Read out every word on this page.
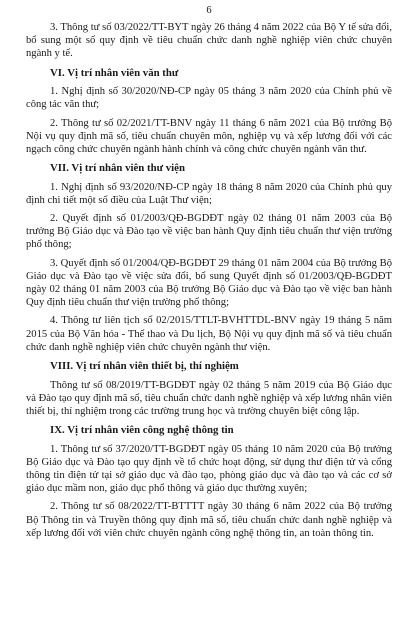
6

3. Thông tư số 03/2022/TT-BYT ngày 26 tháng 4 năm 2022 của Bộ Y tế sửa đổi, bổ sung một số quy định về tiêu chuẩn chức danh nghề nghiệp viên chức chuyên ngành y tế.

VI. Vị trí nhân viên văn thư

1. Nghị định số 30/2020/NĐ-CP ngày 05 tháng 3 năm 2020 của Chính phủ về công tác văn thư;

2. Thông tư số 02/2021/TT-BNV ngày 11 tháng 6 năm 2021 của Bộ trưởng Bộ Nội vụ quy định mã số, tiêu chuẩn chuyên môn, nghiệp vụ và xếp lương đối với các ngạch công chức chuyên ngành hành chính và công chức chuyên ngành văn thư.

VII. Vị trí nhân viên thư viện

1. Nghị định số 93/2020/NĐ-CP ngày 18 tháng 8 năm 2020 của Chính phủ quy định chi tiết một số điều của Luật Thư viện;

2. Quyết định số 01/2003/QĐ-BGDĐT ngày 02 tháng 01 năm 2003 của Bộ trưởng Bộ Giáo dục và Đào tạo về việc ban hành Quy định tiêu chuẩn thư viện trường phổ thông;

3. Quyết định số 01/2004/QĐ-BGDĐT 29 tháng 01 năm 2004 của Bộ trưởng Bộ Giáo dục và Đào tạo về việc sửa đổi, bổ sung Quyết định số 01/2003/QĐ-BGDĐT ngày 02 tháng 01 năm 2003 của Bộ trưởng Bộ Giáo dục và Đào tạo về việc ban hành Quy định tiêu chuẩn thư viện trường phổ thông;

4. Thông tư liên tịch số 02/2015/TTLT-BVHTTDL-BNV ngày 19 tháng 5 năm 2015 của Bộ Văn hóa - Thể thao và Du lịch, Bộ Nội vụ quy định mã số và tiêu chuẩn chức danh nghề nghiệp viên chức chuyên ngành thư viện.

VIII. Vị trí nhân viên thiết bị, thí nghiệm

Thông tư số 08/2019/TT-BGDĐT ngày 02 tháng 5 năm 2019 của Bộ Giáo dục và Đào tạo quy định mã số, tiêu chuẩn chức danh nghề nghiệp và xếp lương nhân viên thiết bị, thí nghiệm trong các trường trung học và trường chuyên biệt công lập.

IX. Vị trí nhân viên công nghệ thông tin

1. Thông tư số 37/2020/TT-BGDĐT ngày 05 tháng 10 năm 2020 của Bộ trưởng Bộ Giáo dục và Đào tạo quy định về tổ chức hoạt động, sử dụng thư điện tử và cổng thông tin điện tử tại sở giáo dục và đào tạo, phòng giáo dục và đào tạo và các cơ sở giáo dục mầm non, giáo dục phổ thông và giáo dục thường xuyên;

2. Thông tư số 08/2022/TT-BTTTT ngày 30 tháng 6 năm 2022 của Bộ trưởng Bộ Thông tin và Truyền thông quy định mã số, tiêu chuẩn chức danh nghề nghiệp và xếp lương đối với viên chức chuyên ngành công nghệ thông tin, an toàn thông tin.
